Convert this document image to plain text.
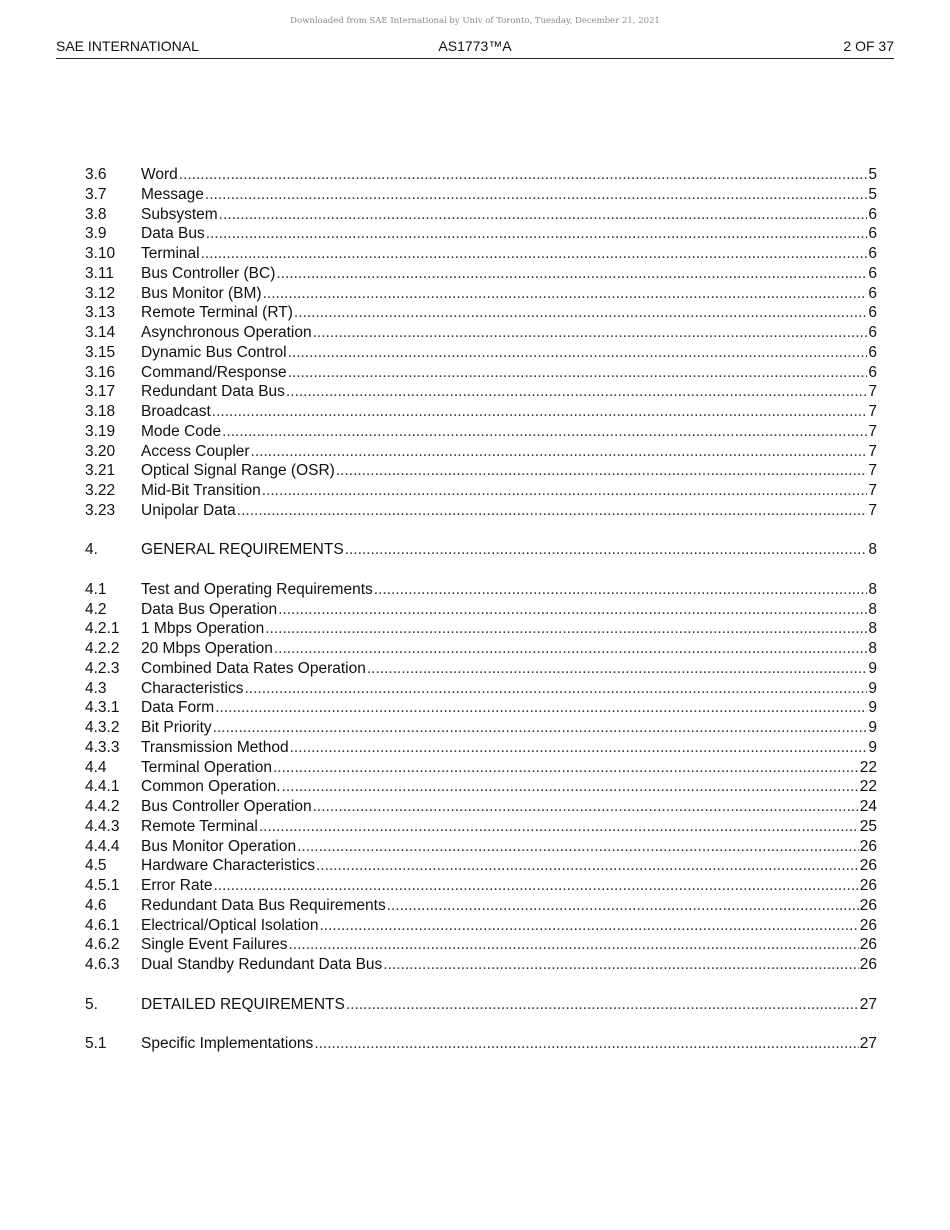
Downloaded from SAE International by Univ of Toronto, Tuesday, December 21, 2021
SAE INTERNATIONAL	AS1773™A	2 OF 37
3.6	Word .....	5
3.7	Message .....	5
3.8	Subsystem .....	6
3.9	Data Bus .....	6
3.10	Terminal .....	6
3.11	Bus Controller (BC) .....	6
3.12	Bus Monitor (BM) .....	6
3.13	Remote Terminal (RT) .....	6
3.14	Asynchronous Operation .....	6
3.15	Dynamic Bus Control .....	6
3.16	Command/Response .....	6
3.17	Redundant Data Bus .....	7
3.18	Broadcast .....	7
3.19	Mode Code .....	7
3.20	Access Coupler .....	7
3.21	Optical Signal Range (OSR) .....	7
3.22	Mid-Bit Transition .....	7
3.23	Unipolar Data .....	7
4.	GENERAL REQUIREMENTS .....	8
4.1	Test and Operating Requirements .....	8
4.2	Data Bus Operation .....	8
4.2.1	1 Mbps Operation .....	8
4.2.2	20 Mbps Operation .....	8
4.2.3	Combined Data Rates Operation .....	9
4.3	Characteristics .....	9
4.3.1	Data Form .....	9
4.3.2	Bit Priority .....	9
4.3.3	Transmission Method .....	9
4.4	Terminal Operation .....	22
4.4.1	Common Operation. .....	22
4.4.2	Bus Controller Operation .....	24
4.4.3	Remote Terminal .....	25
4.4.4	Bus Monitor Operation .....	26
4.5	Hardware Characteristics .....	26
4.5.1	Error Rate .....	26
4.6	Redundant Data Bus Requirements .....	26
4.6.1	Electrical/Optical Isolation .....	26
4.6.2	Single Event Failures .....	26
4.6.3	Dual Standby Redundant Data Bus .....	26
5.	DETAILED REQUIREMENTS .....	27
5.1	Specific Implementations .....	27
